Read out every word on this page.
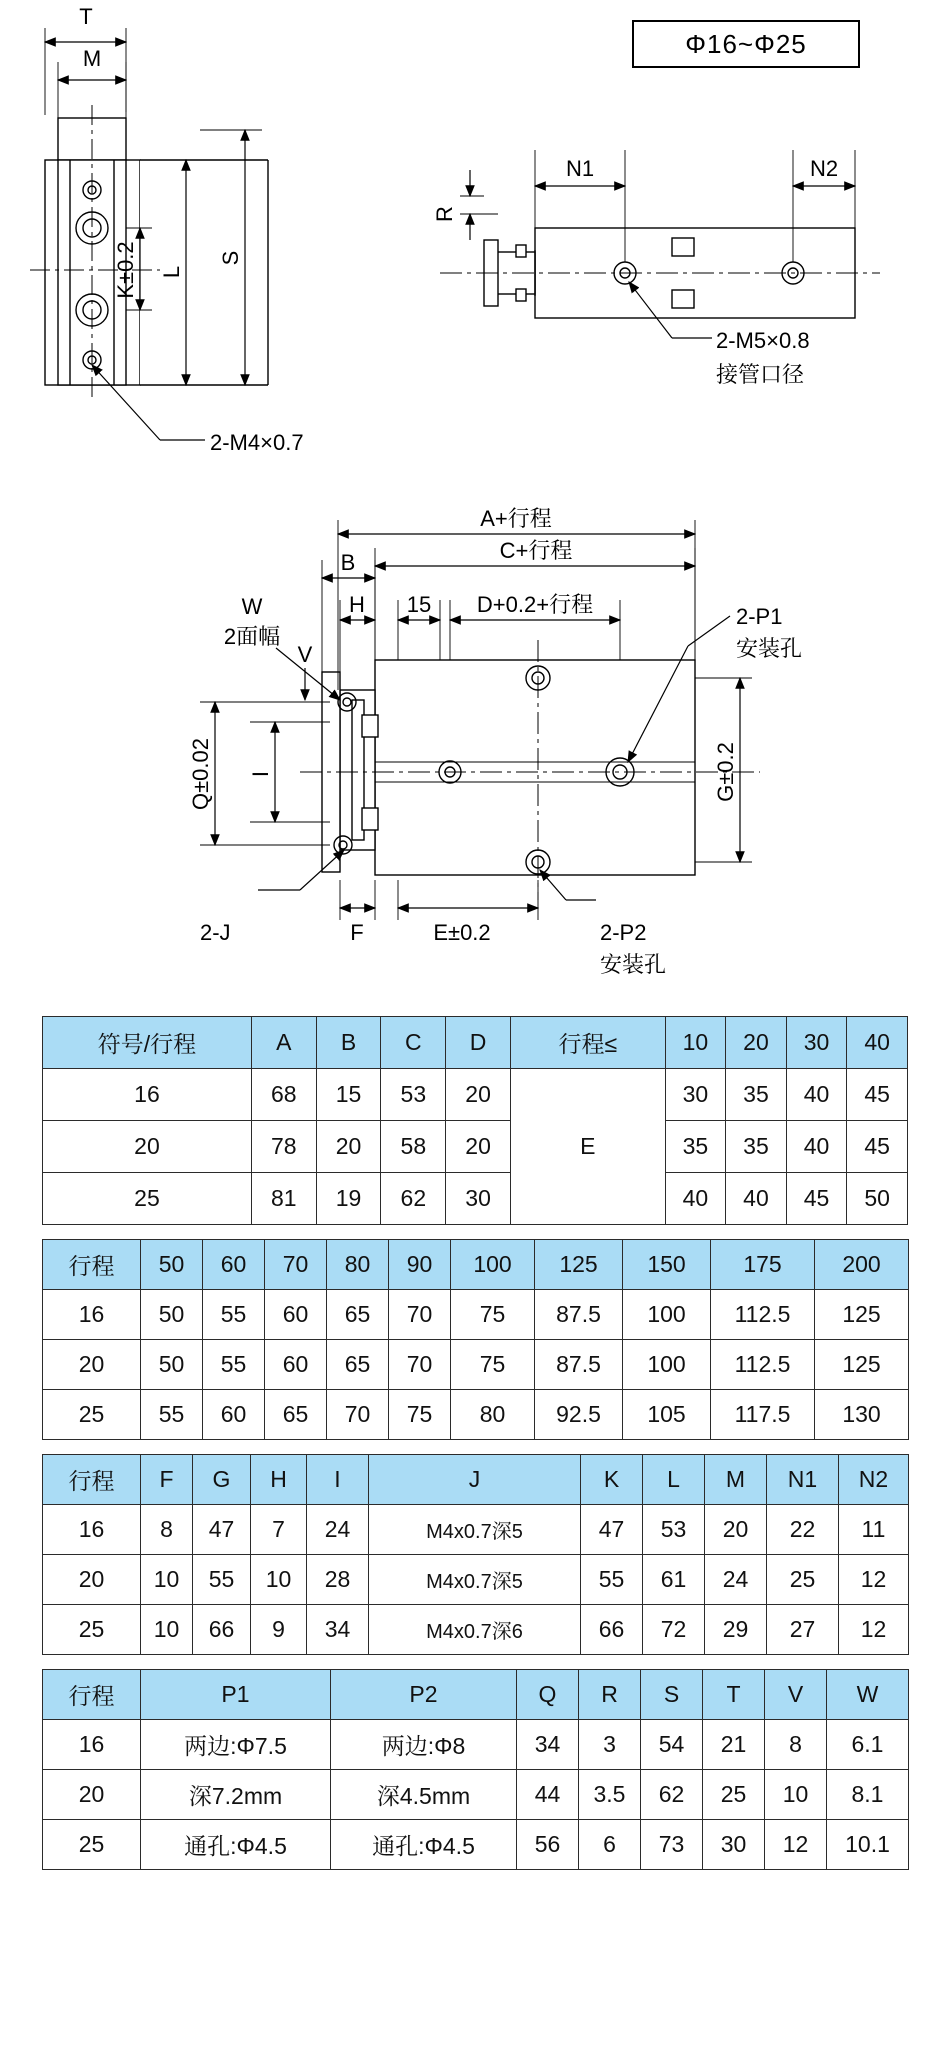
T
M
K±0.2 L
S
2-M4×0.7
N1	N2
R
2-M5×0.8
接管口径
A+行程
C+行程
B
H 15 D+0.2+行程
W
2面幅
V
Q±0.02 I	G±0.2
F	E±0.2
2-P1
安装孔
2-P2
安装孔
2-J
Φ16~Φ25
符号/行程	A	B	C	D	行程≤	10	20	30	40
16	68	15	53	20	E	30	35	40	45
20	78	20	58	20		35	35	40	45
25	81	19	62	30		40	40	45	50
行程	50	60	70	80	90	100	125	150	175	200
16	50	55	60	65	70	75	87.5	100	112.5	125
20	50	55	60	65	70	75	87.5	100	112.5	125
25	55	60	65	70	75	80	92.5	105	117.5	130
行程	F	G	H	I	J	K	L	M	N1	N2
16	8	47	7	24	M4x0.7深5	47	53	20	22	11
20	10	55	10	28	M4x0.7深5	55	61	24	25	12
25	10	66	9	34	M4x0.7深6	66	72	29	27	12
行程	P1	P2	Q	R	S	T	V	W
16	两边:Φ7.5	两边:Φ8	34	3	54	21	8	6.1
20	深7.2mm	深4.5mm	44	3.5	62	25	10	8.1
25	通孔:Φ4.5	通孔:Φ4.5	56	6	73	30	12	10.1
